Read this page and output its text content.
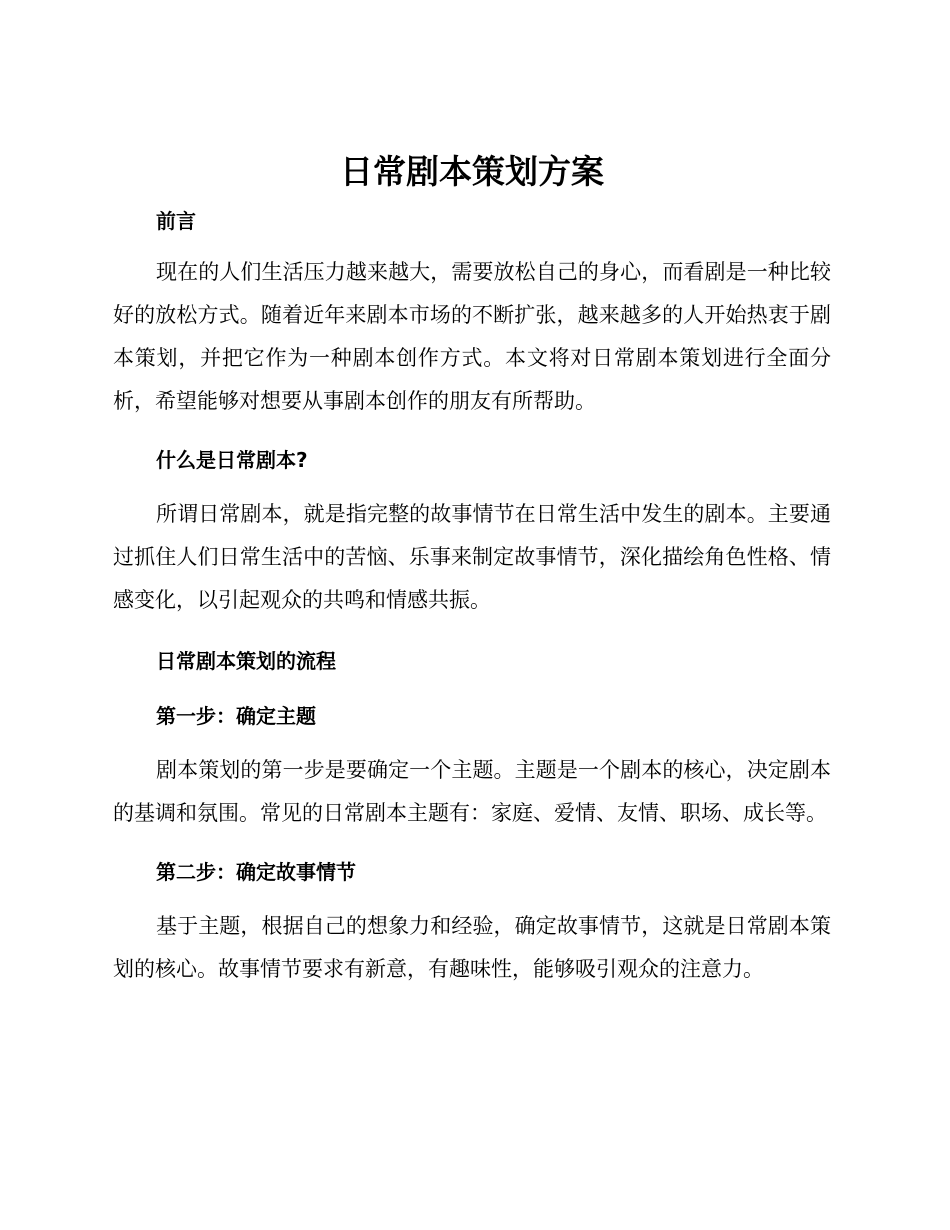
日常剧本策划方案
前言

现在的人们生活压力越来越大，需要放松自己的身心，而看剧是一种比较好的放松方式。随着近年来剧本市场的不断扩张，越来越多的人开始热衷于剧本策划，并把它作为一种剧本创作方式。本文将对日常剧本策划进行全面分析，希望能够对想要从事剧本创作的朋友有所帮助。

什么是日常剧本?

所谓日常剧本，就是指完整的故事情节在日常生活中发生的剧本。主要通过抓住人们日常生活中的苦恼、乐事来制定故事情节，深化描绘角色性格、情感变化，以引起观众的共鸣和情感共振。

日常剧本策划的流程
第一步：确定主题

剧本策划的第一步是要确定一个主题。主题是一个剧本的核心，决定剧本的基调和氛围。常见的日常剧本主题有：家庭、爱情、友情、职场、成长等。

第二步：确定故事情节

基于主题，根据自己的想象力和经验，确定故事情节，这就是日常剧本策划的核心。故事情节要求有新意，有趣味性，能够吸引观众的注意力。
